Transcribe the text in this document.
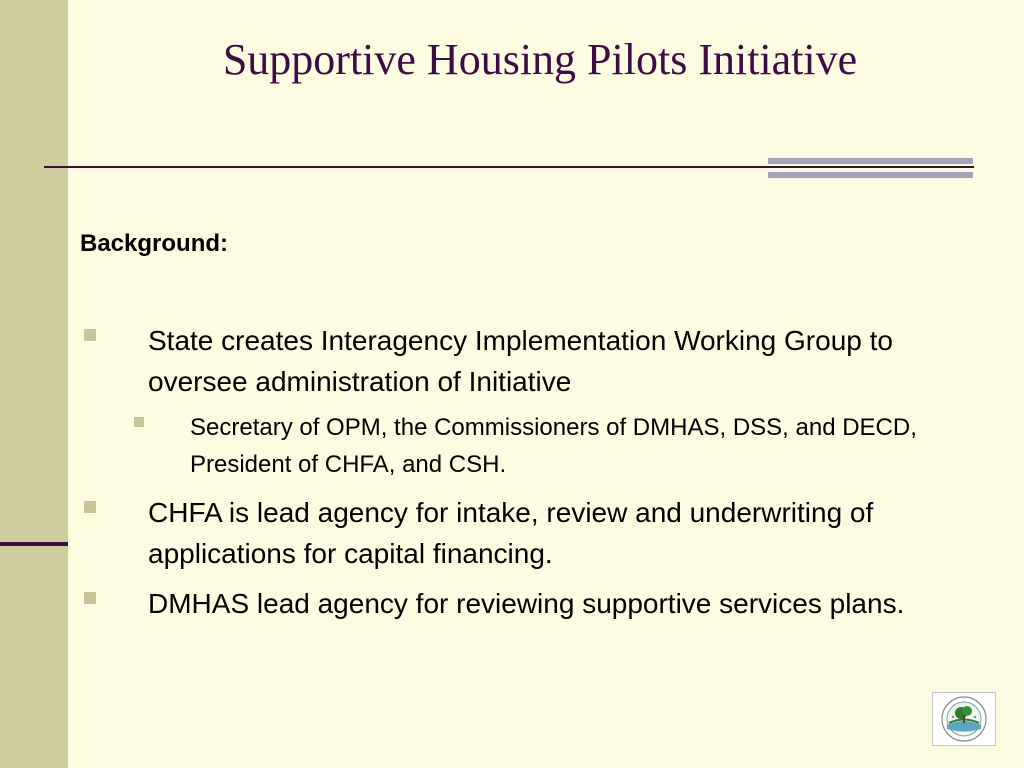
Supportive Housing Pilots Initiative

Background:

State creates Interagency Implementation Working Group to oversee administration of Initiative
Secretary of OPM, the Commissioners of DMHAS, DSS, and DECD, President of CHFA, and CSH.
CHFA is lead agency for intake, review and underwriting of applications for capital financing.
DMHAS lead agency for reviewing supportive services plans.
